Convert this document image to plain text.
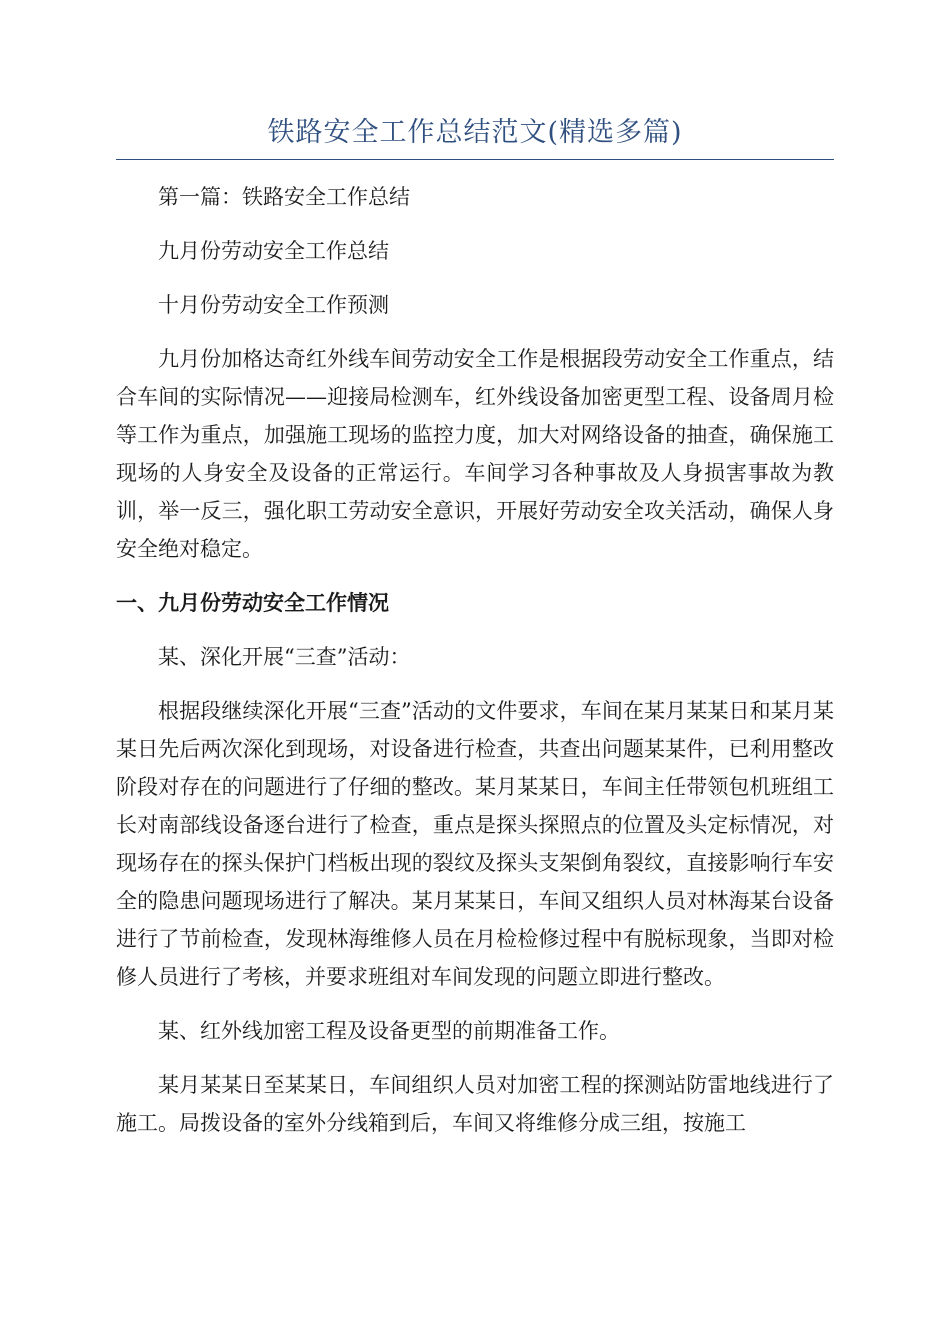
铁路安全工作总结范文(精选多篇)

第一篇：铁路安全工作总结

九月份劳动安全工作总结

十月份劳动安全工作预测

九月份加格达奇红外线车间劳动安全工作是根据段劳动安全工作重点，结合车间的实际情况——迎接局检测车，红外线设备加密更型工程、设备周月检等工作为重点，加强施工现场的监控力度，加大对网络设备的抽查，确保施工现场的人身安全及设备的正常运行。车间学习各种事故及人身损害事故为教训，举一反三，强化职工劳动安全意识，开展好劳动安全攻关活动，确保人身安全绝对稳定。

一、九月份劳动安全工作情况

某、深化开展“三查”活动：

根据段继续深化开展“三查”活动的文件要求，车间在某月某某日和某月某某日先后两次深化到现场，对设备进行检查，共查出问题某某件，已利用整改阶段对存在的问题进行了仔细的整改。某月某某日，车间主任带领包机班组工长对南部线设备逐台进行了检查，重点是探头探照点的位置及头定标情况，对现场存在的探头保护门档板出现的裂纹及探头支架倒角裂纹，直接影响行车安全的隐患问题现场进行了解决。某月某某日，车间又组织人员对林海某台设备进行了节前检查，发现林海维修人员在月检检修过程中有脱标现象，当即对检修人员进行了考核，并要求班组对车间发现的问题立即进行整改。

某、红外线加密工程及设备更型的前期准备工作。

某月某某日至某某日，车间组织人员对加密工程的探测站防雷地线进行了施工。局拨设备的室外分线箱到后，车间又将维修分成三组，按施工
